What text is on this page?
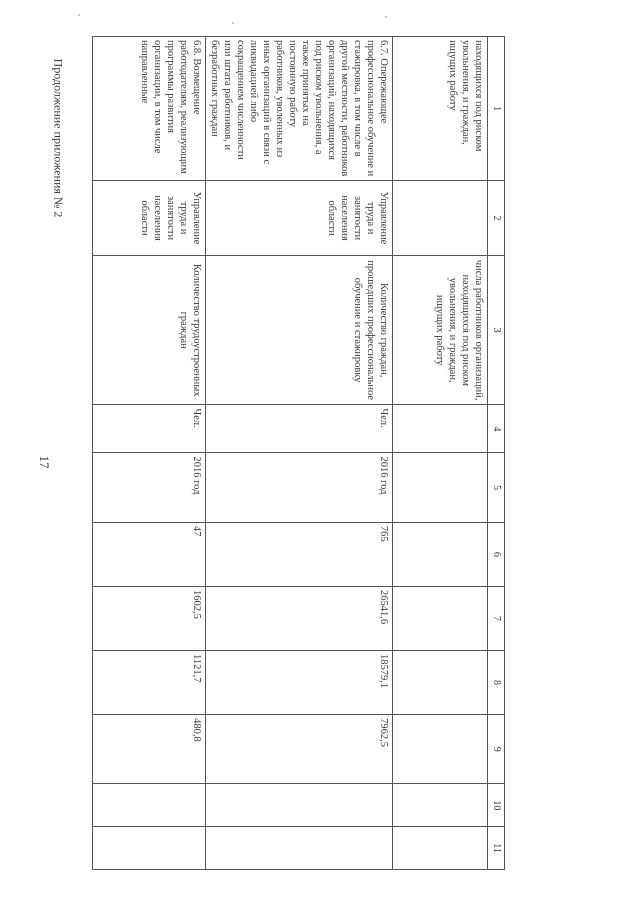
17
Продолжение приложения № 2	1	2	3	4	5	6	7	8	9	10	11
находящихся под риском увольнения, и граждан, ищущих работу		числа работников организаций, находящихся под риском увольнения, и граждан, ищущих работу								
6.7. Опережающее профессиональное обучение и стажировка, в том числе в другой местности, работников организаций, находящихся под риском увольнения, а также принятых на постоянную работу работников, уволенных из иных организаций в связи с ликвидацией либо сокращением численности или штата работников, и безработных граждан	Управление труда и занятости населения области	Количество граждан, прошедших профессиональное обучение и стажировку	Чел.	2016 год	765	26541,6	18579,1	7962,5		
6.8. Возмещение работодателям, реализующим программы развития организации, в том числе направленные	Управление труда и занятости населения области	Количество трудоустроенных граждан	Чел.	2016 год	47	1602,5	1121,7	480,8		
